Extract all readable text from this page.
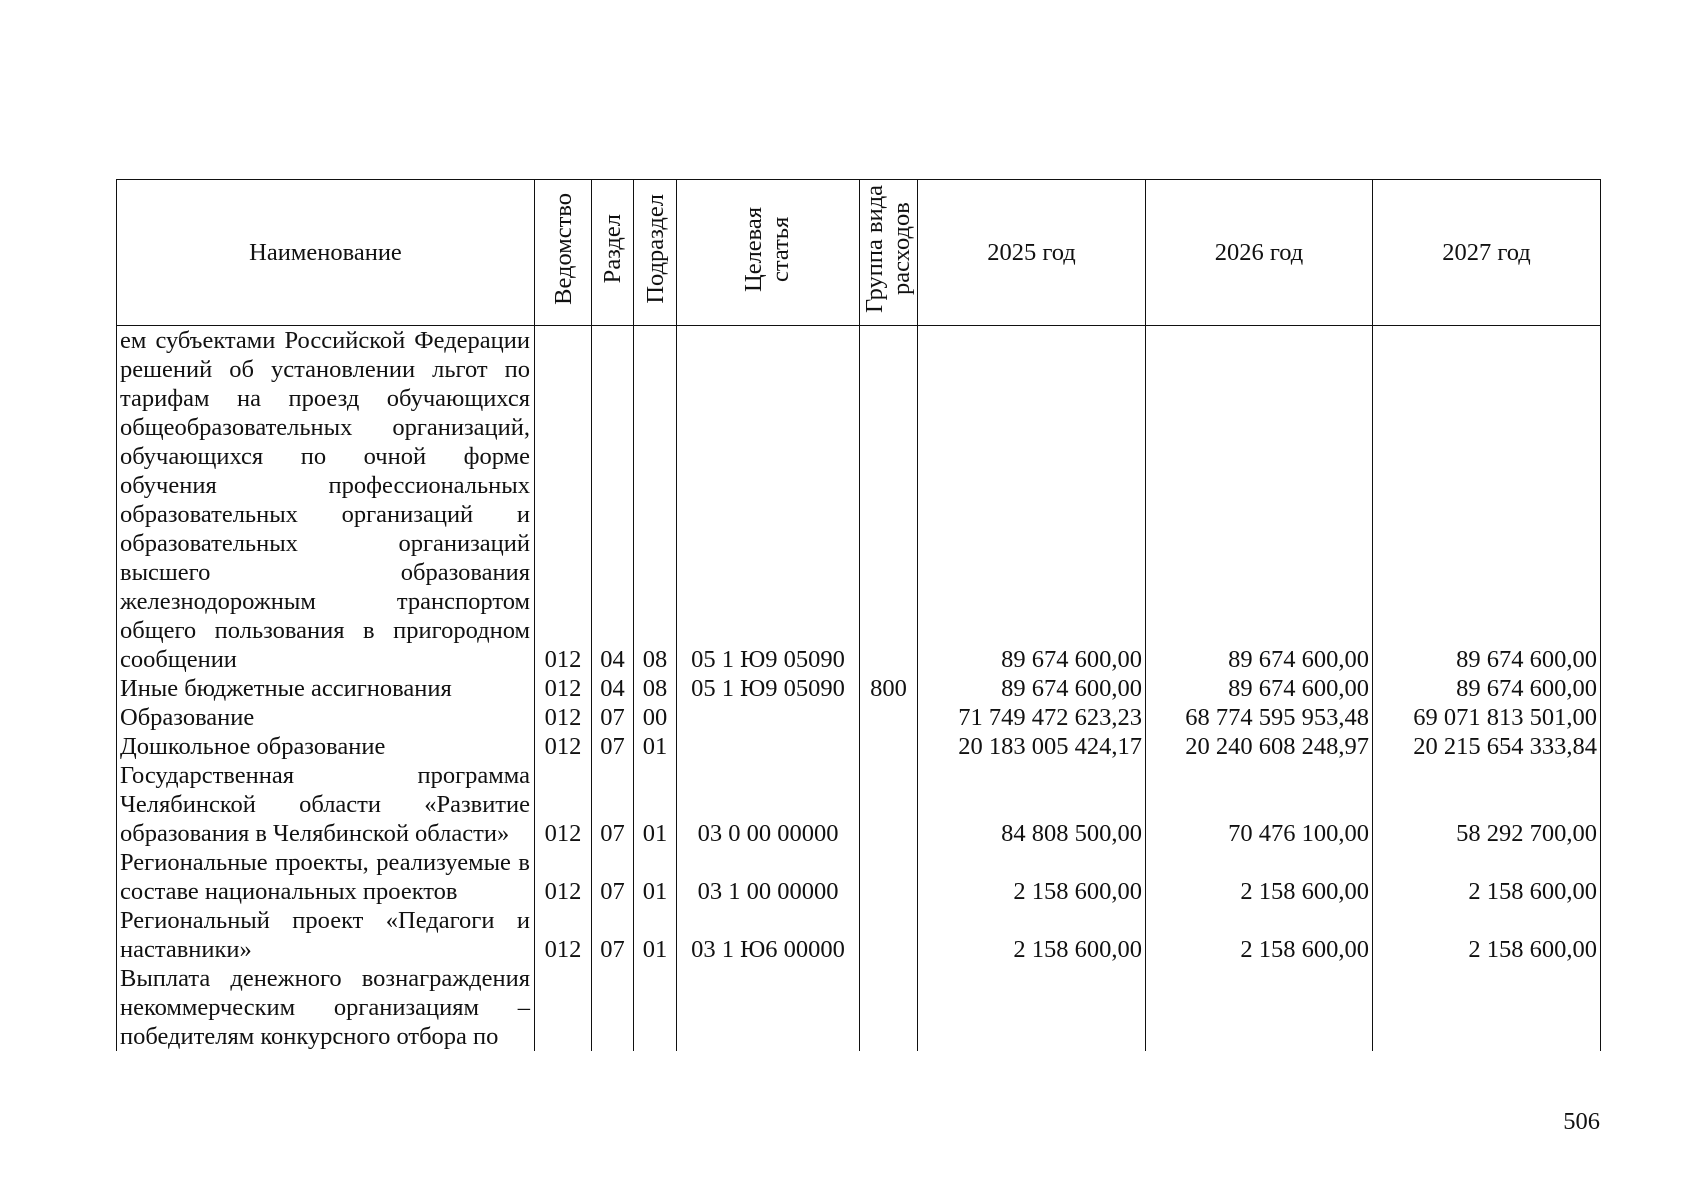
Наименование	Ведомство	Раздел	Подраздел	Целевая статья	Группа вида расходов	2025 год	2026 год	2027 год
ем субъектами Российской Федерации решений об установлении льгот по тарифам на проезд обучающихся общеобразовательных организаций, обучающихся по очной форме обучения профессиональных образовательных организаций и образовательных организаций высшего образования железнодорожным транспортом общего пользования в пригородном сообщении	012	04	08	05 1 Ю9 05090		89 674 600,00	89 674 600,00	89 674 600,00
Иные бюджетные ассигнования	012	04	08	05 1 Ю9 05090	800	89 674 600,00	89 674 600,00	89 674 600,00
Образование	012	07	00			71 749 472 623,23	68 774 595 953,48	69 071 813 501,00
Дошкольное образование	012	07	01			20 183 005 424,17	20 240 608 248,97	20 215 654 333,84
Государственная программа Челябинской области «Развитие образования в Челябинской области»	012	07	01	03 0 00 00000		84 808 500,00	70 476 100,00	58 292 700,00
Региональные проекты, реализуемые в составе национальных проектов	012	07	01	03 1 00 00000		2 158 600,00	2 158 600,00	2 158 600,00
Региональный проект «Педагоги и наставники»	012	07	01	03 1 Ю6 00000		2 158 600,00	2 158 600,00	2 158 600,00
Выплата денежного вознаграждения некоммерческим организациям – победителям конкурсного отбора по								
506
